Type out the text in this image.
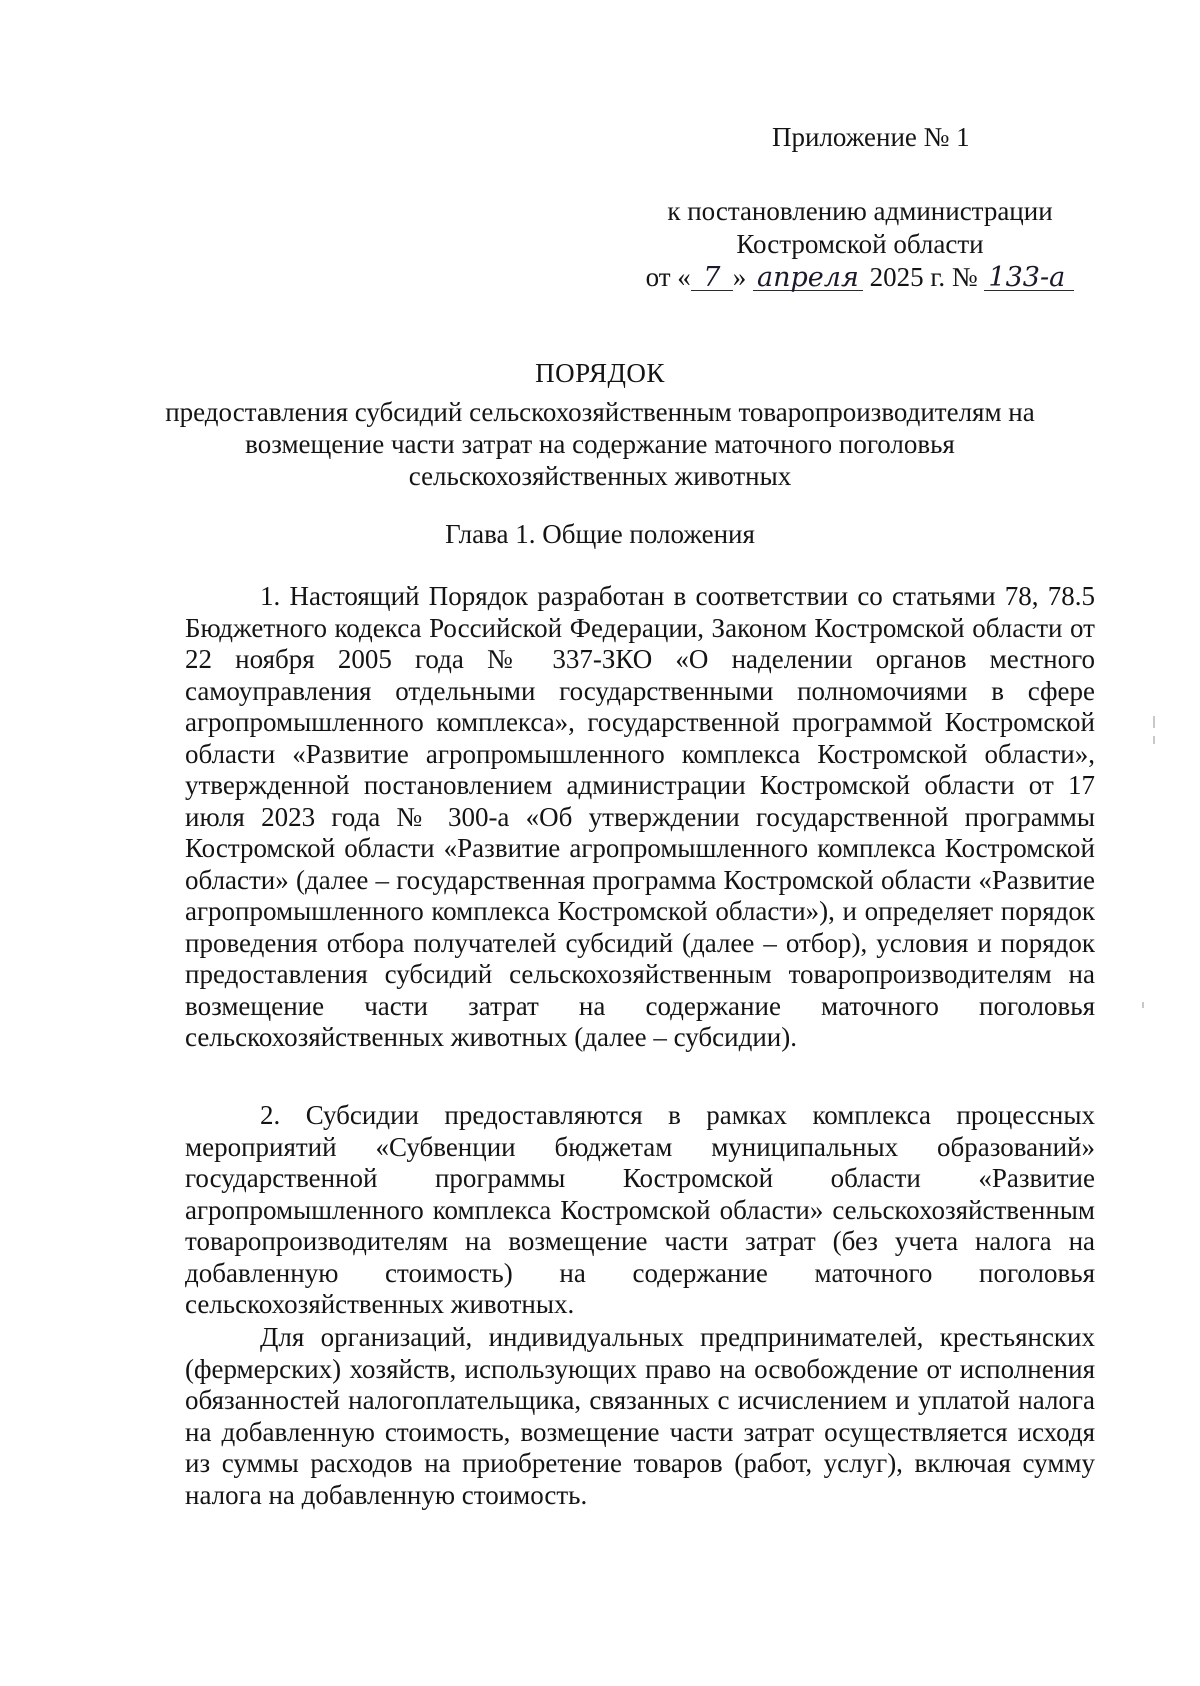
Приложение № 1
к постановлению администрации
Костромской области
от « 7 » апреля 2025 г. № 133-а
ПОРЯДОК
предоставления субсидий сельскохозяйственным товаропроизводителям на возмещение части затрат на содержание маточного поголовья сельскохозяйственных животных
Глава 1. Общие положения

1. Настоящий Порядок разработан в соответствии со статьями 78, 78.5 Бюджетного кодекса Российской Федерации, Законом Костромской области от 22 ноября 2005 года № 337-ЗКО «О наделении органов местного самоуправления отдельными государственными полномочиями в сфере агропромышленного комплекса», государственной программой Костромской области «Развитие агропромышленного комплекса Костромской области», утвержденной постановлением администрации Костромской области от 17 июля 2023 года № 300-а «Об утверждении государственной программы Костромской области «Развитие агропромышленного комплекса Костромской области» (далее – государственная программа Костромской области «Развитие агропромышленного комплекса Костромской области»), и определяет порядок проведения отбора получателей субсидий (далее – отбор), условия и порядок предоставления субсидий сельскохозяйственным товаропроизводителям на возмещение части затрат на содержание маточного поголовья сельскохозяйственных животных (далее – субсидии).

2. Субсидии предоставляются в рамках комплекса процессных мероприятий «Субвенции бюджетам муниципальных образований» государственной программы Костромской области «Развитие агропромышленного комплекса Костромской области» сельскохозяйственным товаропроизводителям на возмещение части затрат (без учета налога на добавленную стоимость) на содержание маточного поголовья сельскохозяйственных животных.

Для организаций, индивидуальных предпринимателей, крестьянских (фермерских) хозяйств, использующих право на освобождение от исполнения обязанностей налогоплательщика, связанных с исчислением и уплатой налога на добавленную стоимость, возмещение части затрат осуществляется исходя из суммы расходов на приобретение товаров (работ, услуг), включая сумму налога на добавленную стоимость.
